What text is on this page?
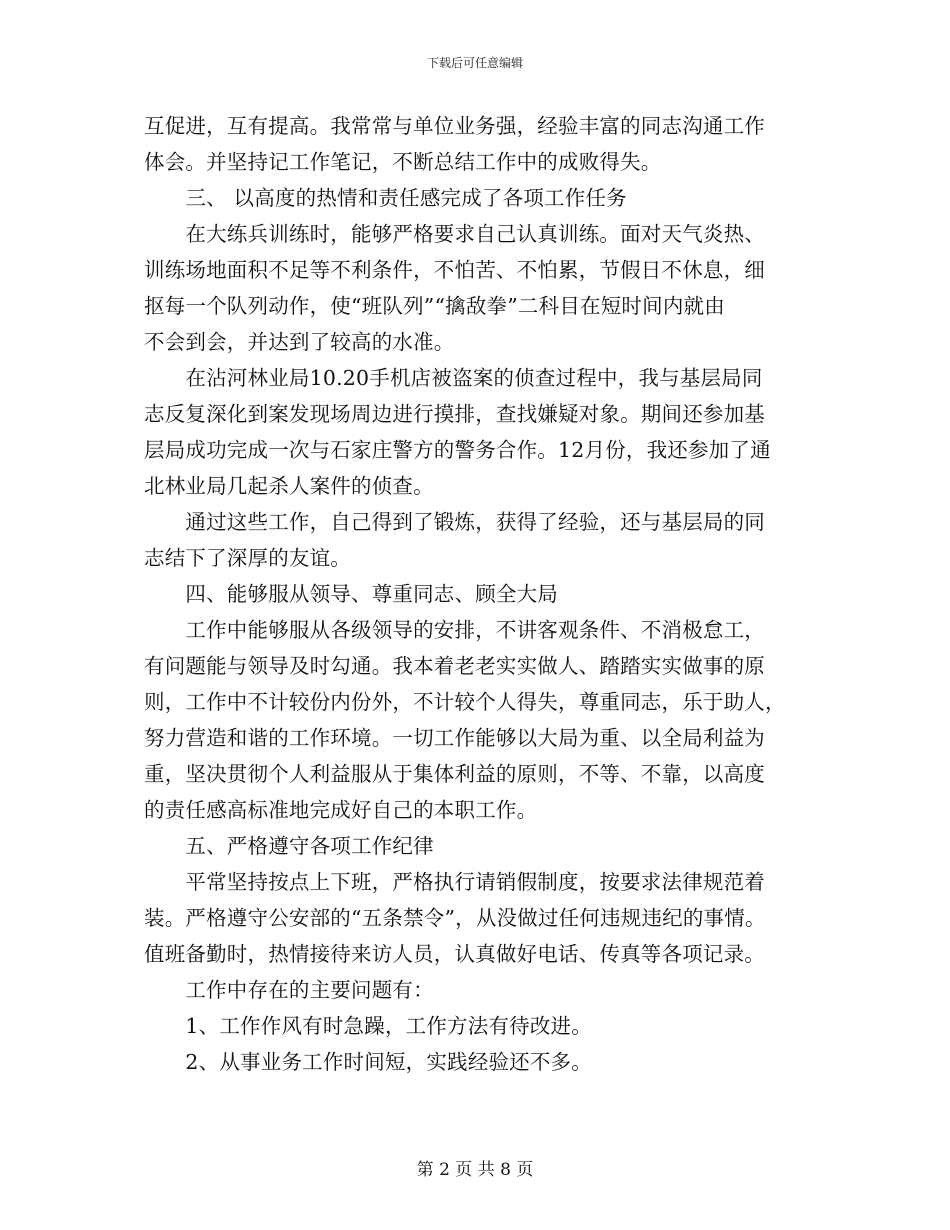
下载后可任意编辑
互促进，互有提高。我常常与单位业务强，经验丰富的同志沟通工作
体会。并坚持记工作笔记，不断总结工作中的成败得失。
　　三、 以高度的热情和责任感完成了各项工作任务
　　在大练兵训练时，能够严格要求自己认真训练。面对天气炎热、
训练场地面积不足等不利条件，不怕苦、不怕累，节假日不休息，细
抠每一个队列动作，使“班队列”“擒敌拳”二科目在短时间内就由
不会到会，并达到了较高的水准。
　　在沾河林业局10.20手机店被盗案的侦查过程中，我与基层局同
志反复深化到案发现场周边进行摸排，查找嫌疑对象。期间还参加基
层局成功完成一次与石家庄警方的警务合作。12月份，我还参加了通
北林业局几起杀人案件的侦查。
　　通过这些工作，自己得到了锻炼，获得了经验，还与基层局的同
志结下了深厚的友谊。
　　四、能够服从领导、尊重同志、顾全大局
　　工作中能够服从各级领导的安排，不讲客观条件、不消极怠工，
有问题能与领导及时勾通。我本着老老实实做人、踏踏实实做事的原
则，工作中不计较份内份外，不计较个人得失，尊重同志，乐于助人，
努力营造和谐的工作环境。一切工作能够以大局为重、以全局利益为
重，坚决贯彻个人利益服从于集体利益的原则，不等、不靠，以高度
的责任感高标准地完成好自己的本职工作。
　　五、严格遵守各项工作纪律
　　平常坚持按点上下班，严格执行请销假制度，按要求法律规范着
装。严格遵守公安部的“五条禁令”，从没做过任何违规违纪的事情。
值班备勤时，热情接待来访人员，认真做好电话、传真等各项记录。
　　工作中存在的主要问题有：
　　1、工作作风有时急躁，工作方法有待改进。
　　2、从事业务工作时间短，实践经验还不多。
第 2 页 共 8 页
